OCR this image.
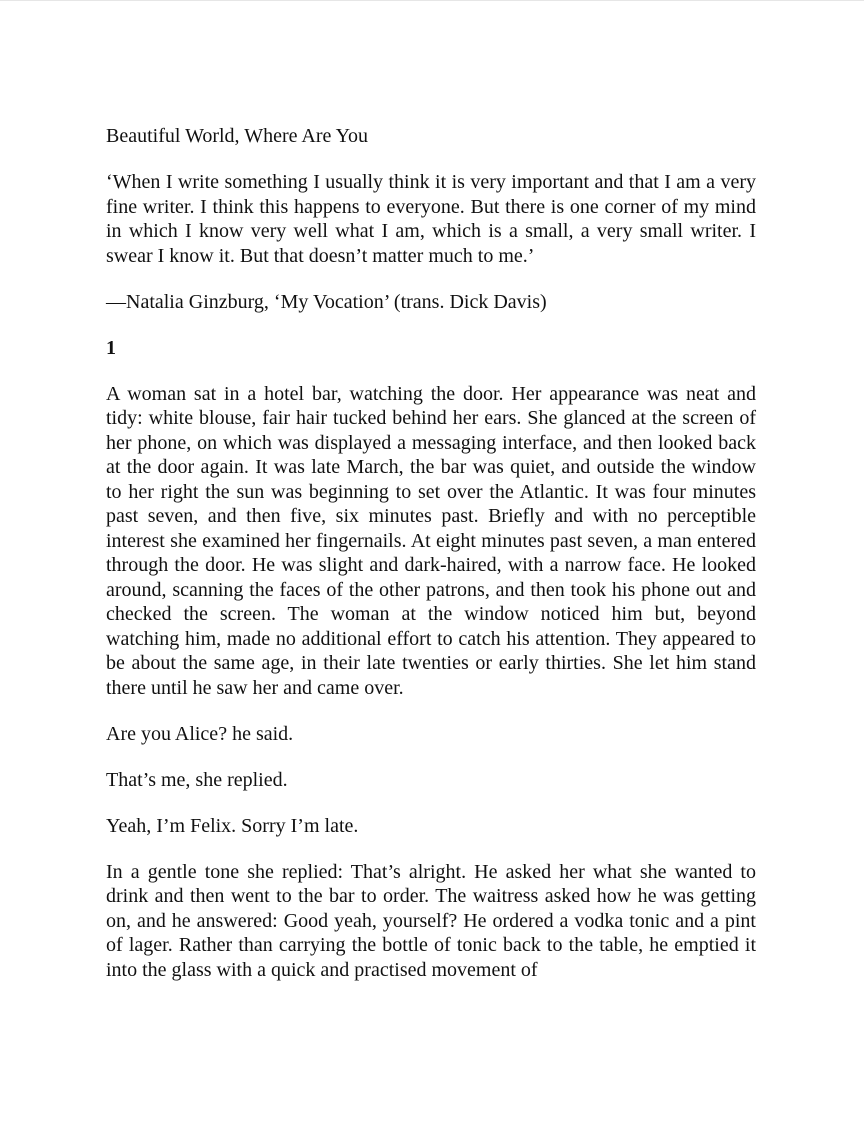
Beautiful World, Where Are You

‘When I write something I usually think it is very important and that I am a very fine writer. I think this happens to everyone. But there is one corner of my mind in which I know very well what I am, which is a small, a very small writer. I swear I know it. But that doesn’t matter much to me.’

—Natalia Ginzburg, ‘My Vocation’ (trans. Dick Davis)

1

A woman sat in a hotel bar, watching the door. Her appearance was neat and tidy: white blouse, fair hair tucked behind her ears. She glanced at the screen of her phone, on which was displayed a messaging interface, and then looked back at the door again. It was late March, the bar was quiet, and outside the window to her right the sun was beginning to set over the Atlantic. It was four minutes past seven, and then five, six minutes past. Briefly and with no perceptible interest she examined her fingernails. At eight minutes past seven, a man entered through the door. He was slight and dark-haired, with a narrow face. He looked around, scanning the faces of the other patrons, and then took his phone out and checked the screen. The woman at the window noticed him but, beyond watching him, made no additional effort to catch his attention. They appeared to be about the same age, in their late twenties or early thirties. She let him stand there until he saw her and came over.

Are you Alice? he said.

That’s me, she replied.

Yeah, I’m Felix. Sorry I’m late.

In a gentle tone she replied: That’s alright. He asked her what she wanted to drink and then went to the bar to order. The waitress asked how he was getting on, and he answered: Good yeah, yourself? He ordered a vodka tonic and a pint of lager. Rather than carrying the bottle of tonic back to the table, he emptied it into the glass with a quick and practised movement of
